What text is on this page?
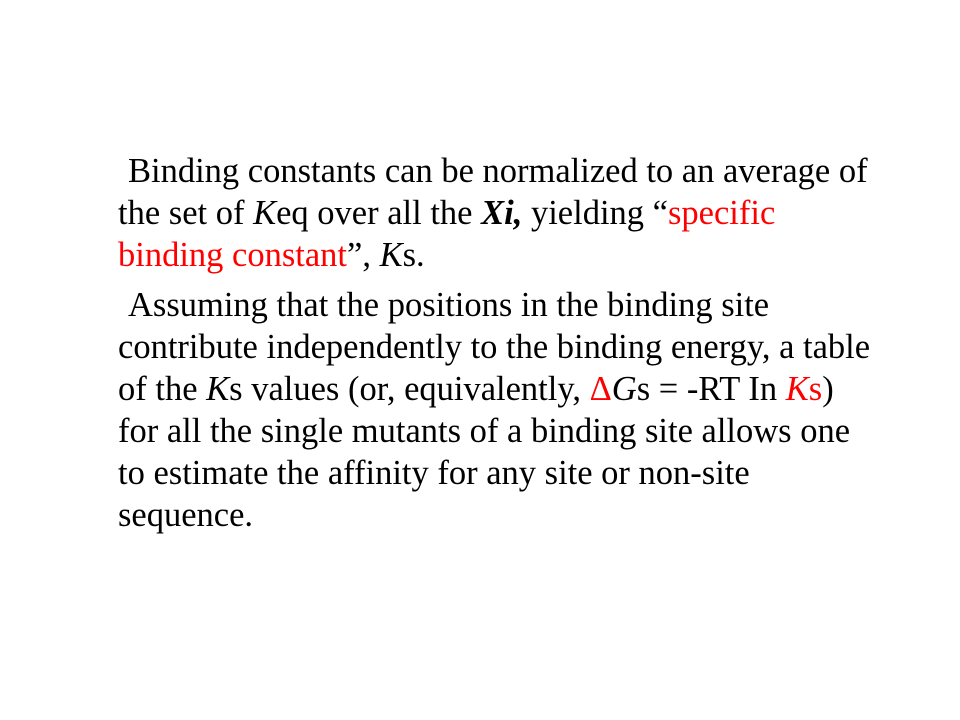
Binding constants can be normalized to an average of the set of Keq over all the Xi, yielding “specific binding constant”, Ks.

Assuming that the positions in the binding site contribute independently to the binding energy, a table of the Ks values (or, equivalently, ΔGs = -RT In Ks) for all the single mutants of a binding site allows one to estimate the affinity for any site or non-site sequence.
